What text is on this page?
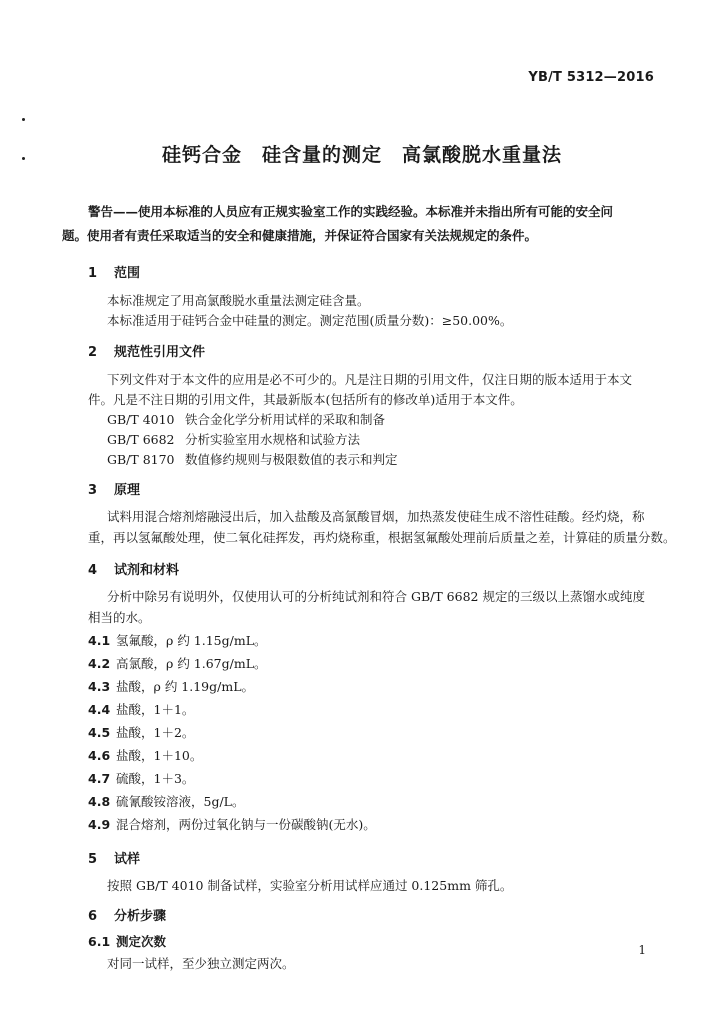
YB/T 5312—2016
硅钙合金　硅含量的测定　高氯酸脱水重量法
警告——使用本标准的人员应有正规实验室工作的实践经验。本标准并未指出所有可能的安全问
题。使用者有责任采取适当的安全和健康措施，并保证符合国家有关法规规定的条件。
1 范围
本标准规定了用高氯酸脱水重量法测定硅含量。
本标准适用于硅钙合金中硅量的测定。测定范围(质量分数)：≥50.00%。
2 规范性引用文件
下列文件对于本文件的应用是必不可少的。凡是注日期的引用文件，仅注日期的版本适用于本文
件。凡是不注日期的引用文件，其最新版本(包括所有的修改单)适用于本文件。
GB/T 4010 铁合金化学分析用试样的采取和制备
GB/T 6682 分析实验室用水规格和试验方法
GB/T 8170 数值修约规则与极限数值的表示和判定
3 原理
试料用混合熔剂熔融浸出后，加入盐酸及高氯酸冒烟，加热蒸发使硅生成不溶性硅酸。经灼烧，称
重，再以氢氟酸处理，使二氧化硅挥发，再灼烧称重，根据氢氟酸处理前后质量之差，计算硅的质量分数。
4 试剂和材料
分析中除另有说明外，仅使用认可的分析纯试剂和符合 GB/T 6682 规定的三级以上蒸馏水或纯度
相当的水。
4.1 氢氟酸，ρ 约 1.15g/mL。
4.2 高氯酸，ρ 约 1.67g/mL。
4.3 盐酸，ρ 约 1.19g/mL。
4.4 盐酸，1＋1。
4.5 盐酸，1＋2。
4.6 盐酸，1＋10。
4.7 硫酸，1＋3。
4.8 硫氰酸铵溶液，5g/L。
4.9 混合熔剂，两份过氧化钠与一份碳酸钠(无水)。
5 试样
按照 GB/T 4010 制备试样，实验室分析用试样应通过 0.125mm 筛孔。
6 分析步骤
6.1 测定次数
对同一试样，至少独立测定两次。
1
